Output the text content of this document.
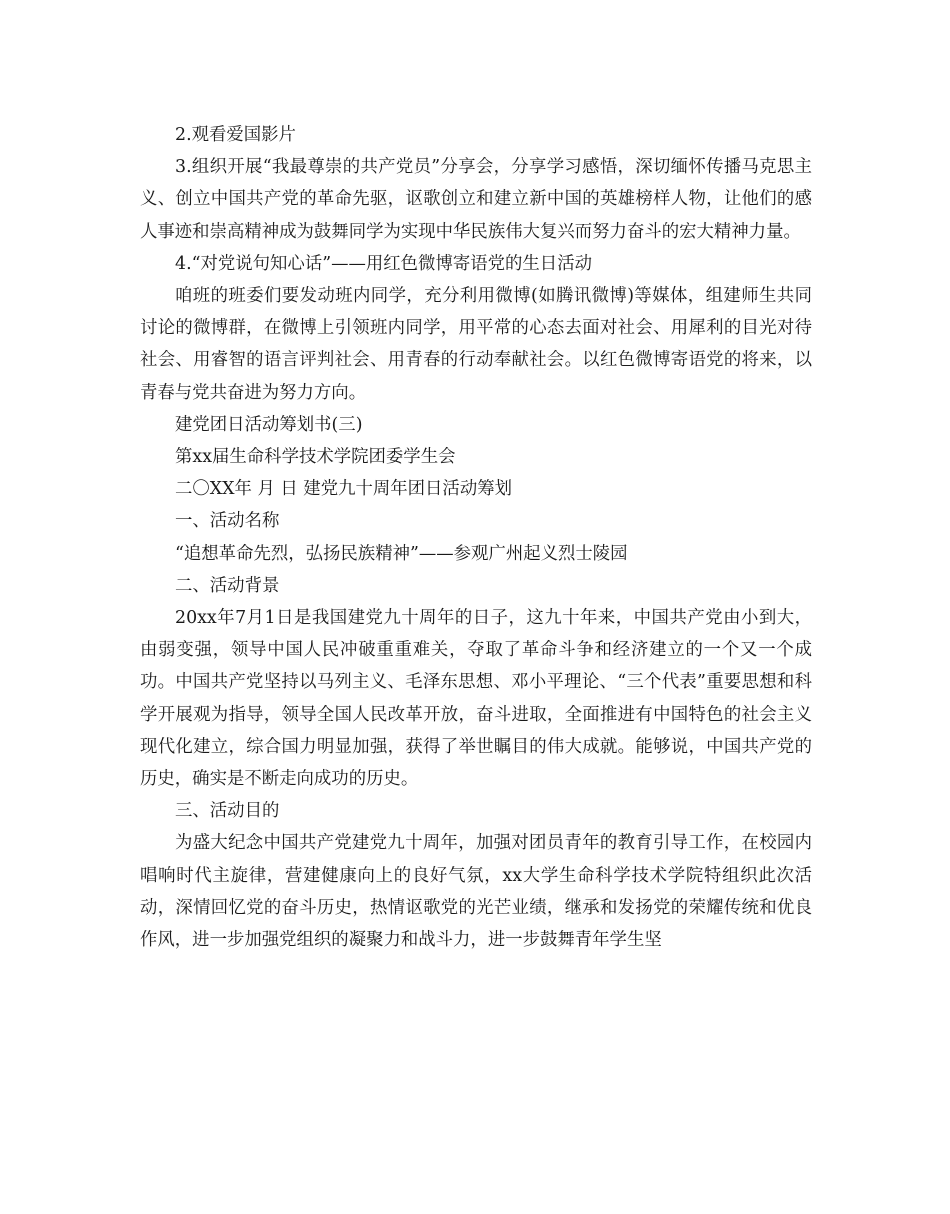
2.观看爱国影片

3.组织开展“我最尊崇的共产党员”分享会，分享学习感悟，深切缅怀传播马克思主义、创立中国共产党的革命先驱，讴歌创立和建立新中国的英雄榜样人物，让他们的感人事迹和崇高精神成为鼓舞同学为实现中华民族伟大复兴而努力奋斗的宏大精神力量。

4.“对党说句知心话”——用红色微博寄语党的生日活动

咱班的班委们要发动班内同学，充分利用微博(如腾讯微博)等媒体，组建师生共同讨论的微博群，在微博上引领班内同学，用平常的心态去面对社会、用犀利的目光对待社会、用睿智的语言评判社会、用青春的行动奉献社会。以红色微博寄语党的将来，以青春与党共奋进为努力方向。

建党团日活动筹划书(三)

第xx届生命科学技术学院团委学生会

二〇XX年 月 日 建党九十周年团日活动筹划

一、活动名称

“追想革命先烈，弘扬民族精神”——参观广州起义烈士陵园

二、活动背景

20xx年7月1日是我国建党九十周年的日子，这九十年来，中国共产党由小到大，由弱变强，领导中国人民冲破重重难关，夺取了革命斗争和经济建立的一个又一个成功。中国共产党坚持以马列主义、毛泽东思想、邓小平理论、“三个代表”重要思想和科学开展观为指导，领导全国人民改革开放，奋斗进取，全面推进有中国特色的社会主义现代化建立，综合国力明显加强，获得了举世瞩目的伟大成就。能够说，中国共产党的历史，确实是不断走向成功的历史。

三、活动目的

为盛大纪念中国共产党建党九十周年，加强对团员青年的教育引导工作，在校园内唱响时代主旋律，营建健康向上的良好气氛，xx大学生命科学技术学院特组织此次活动，深情回忆党的奋斗历史，热情讴歌党的光芒业绩，继承和发扬党的荣耀传统和优良作风，进一步加强党组织的凝聚力和战斗力，进一步鼓舞青年学生坚
